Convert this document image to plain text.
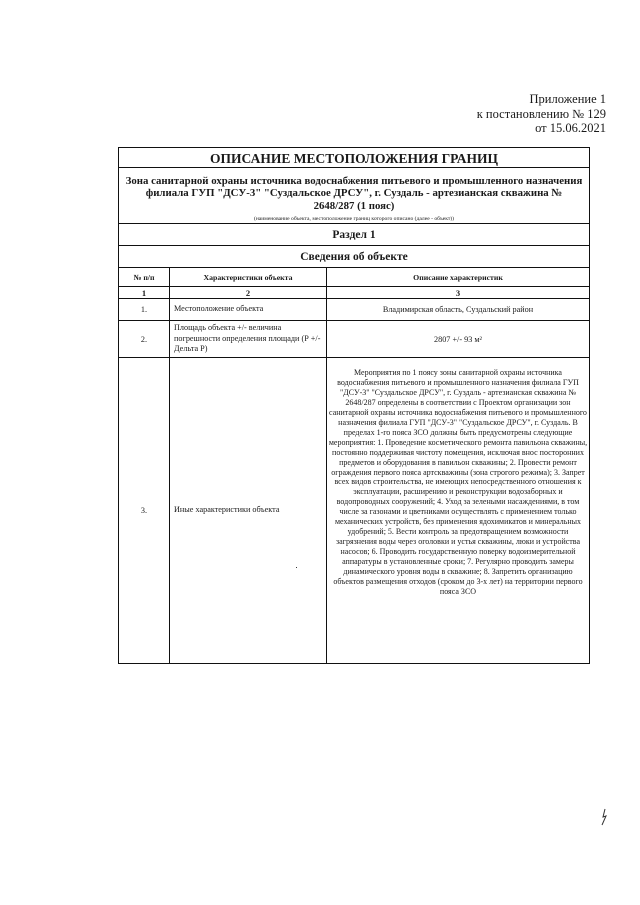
Приложение 1
к постановлению № 129
от 15.06.2021
ОПИСАНИЕ МЕСТОПОЛОЖЕНИЯ ГРАНИЦ		
Зона санитарной охраны источника водоснабжения питьевого и промышленного назначения филиала ГУП "ДСУ-3" "Суздальское ДРСУ", г. Суздаль - артезианская скважина № 2648/287 (1 пояс)		
(наименование объекта, местоположение границ которого описано (далее - объект))		
Раздел 1		
Сведения об объекте		
№ п/п	Характеристики объекта	Описание характеристик
1	2	3
1.	Местоположение объекта	Владимирская область, Суздальский район
2.	Площадь объекта +/- величина погрешности определения площади (Р +/- Дельта Р)	2807 +/- 93 м²
3.	Иные характеристики объекта	Мероприятия по 1 поясу зоны санитарной охраны источника водоснабжения питьевого и промышленного назначения филиала ГУП "ДСУ-3" "Суздальское ДРСУ", г. Суздаль - артезианская скважина № 2648/287 определены в соответствии с Проектом организации зон санитарной охраны источника водоснабжения питьевого и промышленного назначения филиала ГУП "ДСУ-3" "Суздальское ДРСУ", г. Суздаль. В пределах 1-го пояса ЗСО должны быть предусмотрены следующие мероприятия: 1. Проведение косметического ремонта павильона скважины, постоянно поддерживая чистоту помещения, исключая внос посторонних предметов и оборудования в павильон скважины; 2. Провести ремонт ограждения первого пояса артскважины (зона строгого режима); 3. Запрет всех видов строительства, не имеющих непосредственного отношения к эксплуатации, расширению и реконструкции водозаборных и водопроводных сооружений; 4. Уход за зелеными насаждениями, в том числе за газонами и цветниками осуществлять с применением только механических устройств, без применения ядохимикатов и минеральных удобрений; 5. Вести контроль за предотвращением возможности загрязнения воды через оголовки и устья скважины, люки и устройства насосов; 6. Проводить государственную поверку водоизмерительной аппаратуры в установленные сроки; 7. Регулярно проводить замеры динамического уровня воды в скважине; 8. Запретить организацию объектов размещения отходов (сроком до 3-х лет) на территории первого пояса ЗСО
